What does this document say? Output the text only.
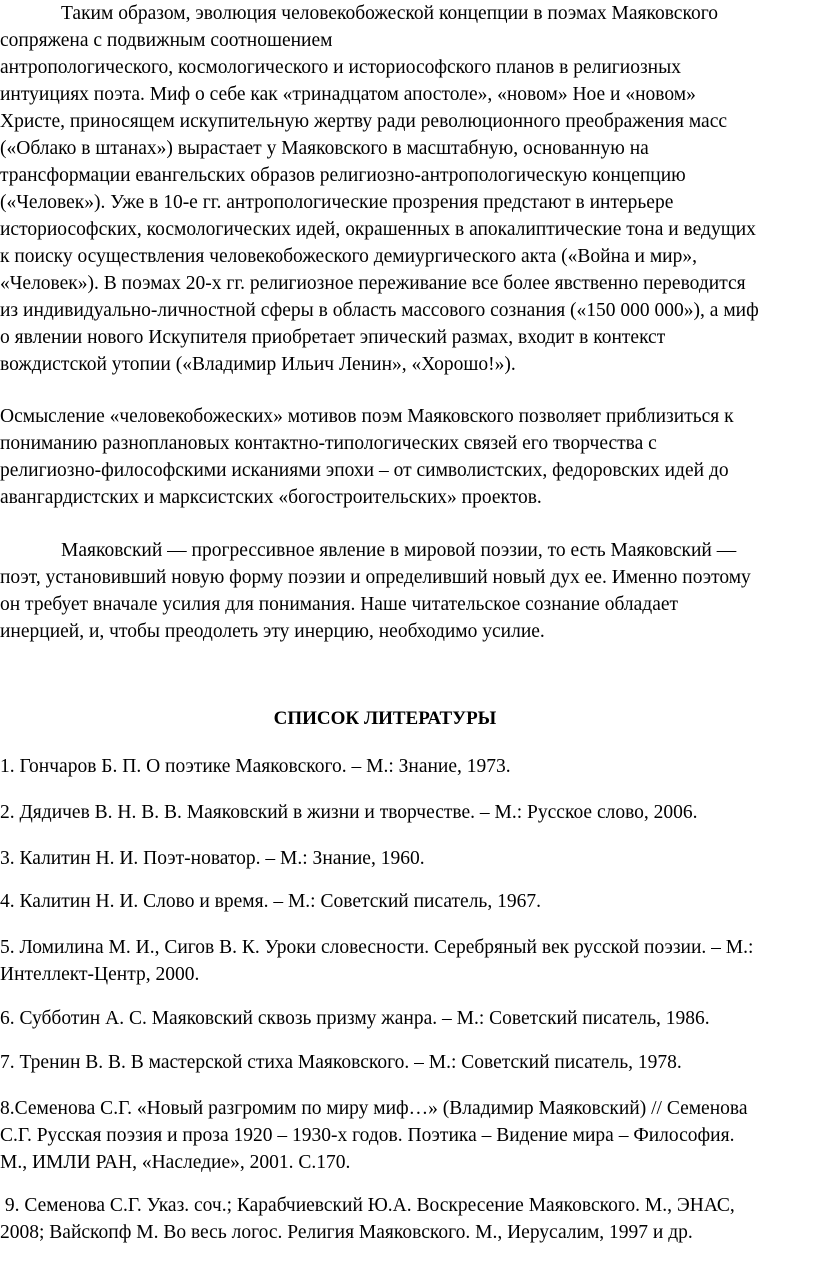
Таким образом, эволюция человекобожеской концепции в поэмах Маяковского
сопряжена с подвижным соотношением
антропологического, космологического и историософского планов в религиозных
интуициях поэта. Миф о себе как «тринадцатом апостоле», «новом» Ное и «новом»
Христе, приносящем искупительную жертву ради революционного преображения масс
(«Облако в штанах») вырастает у Маяковского в масштабную, основанную на
трансформации евангельских образов религиозно-антропологическую концепцию
(«Человек»). Уже в 10-е гг. антропологические прозрения предстают в интерьере
историософских, космологических идей, окрашенных в апокалиптические тона и ведущих
к поиску осуществления человекобожеского демиургического акта («Война и мир»,
«Человек»). В поэмах 20-х гг. религиозное переживание все более явственно переводится
из индивидуально-личностной сферы в область массового сознания («150 000 000»), а миф
о явлении нового Искупителя приобретает эпический размах, входит в контекст
вождистской утопии («Владимир Ильич Ленин», «Хорошо!»).
Осмысление «человекобожеских» мотивов поэм Маяковского позволяет приблизиться к
пониманию разноплановых контактно-типологических связей его творчества с
религиозно-философскими исканиями эпохи – от символистских, федоровских идей до
авангардистских и марксистских «богостроительских» проектов.
Маяковский — прогрессивное явление в мировой поэзии, то есть Маяковский —
поэт, установивший новую форму поэзии и определивший новый дух ее. Именно поэтому
он требует вначале усилия для понимания. Наше читательское сознание обладает
инерцией, и, чтобы преодолеть эту инерцию, необходимо усилие.
СПИСОК ЛИТЕРАТУРЫ
1. Гончаров Б. П. О поэтике Маяковского. – М.: Знание, 1973.
2. Дядичев В. Н. В. В. Маяковский в жизни и творчестве. – М.: Русское слово, 2006.
3. Калитин Н. И. Поэт-новатор. – М.: Знание, 1960.
4. Калитин Н. И. Слово и время. – М.: Советский писатель, 1967.
5. Ломилина М. И., Сигов В. К. Уроки словесности. Серебряный век русской поэзии. – М.:
Интеллект-Центр, 2000.
6. Субботин А. С. Маяковский сквозь призму жанра. – М.: Советский писатель, 1986.
7. Тренин В. В. В мастерской стиха Маяковского. – М.: Советский писатель, 1978.
8.Семенова С.Г. «Новый разгромим по миру миф…» (Владимир Маяковский) // Семенова
С.Г. Русская поэзия и проза 1920 – 1930-х годов. Поэтика – Видение мира – Философия.
М., ИМЛИ РАН, «Наследие», 2001. С.170.
9. Семенова С.Г. Указ. соч.; Карабчиевский Ю.А. Воскресение Маяковского. М., ЭНАС,
2008; Вайскопф М. Во весь логос. Религия Маяковского. М., Иерусалим, 1997 и др.
